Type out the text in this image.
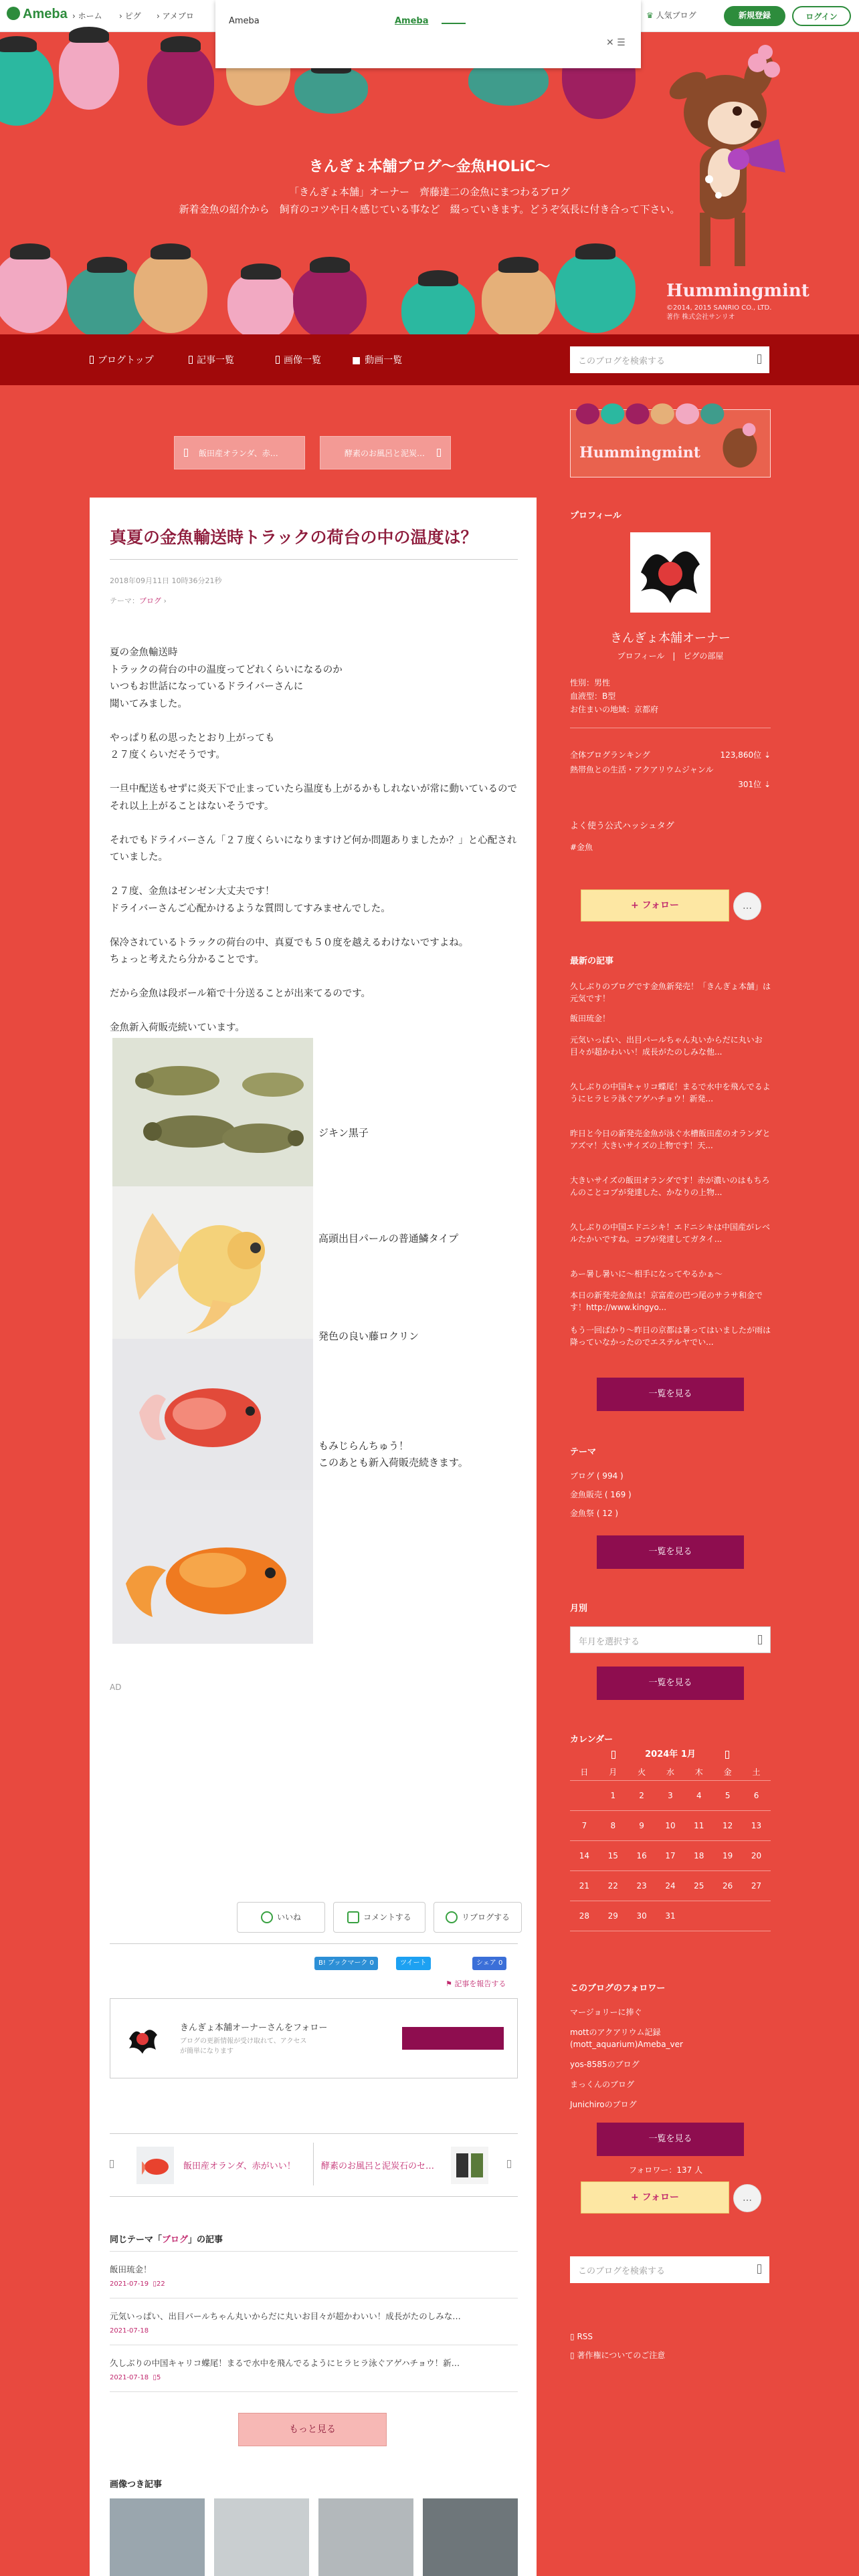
Ameba › ホーム › ピグ › アメブロ	♛ 人気ブログ	新規登録	ログイン
きんぎょ本舗ブログ〜金魚HOLiC〜
「きんぎょ本舗」オーナー　齊藤達二の金魚にまつわるブログ
新着金魚の紹介から　飼育のコツや日々感じている事など　綴っていきます。どうぞ気長に付き合って下さい。
Hummingmint
©2014, 2015 SANRIO CO., LTD.
著作 株式会社サンリオ
Ameba	Ameba
✕ ☰
ブログトップ	記事一覧	画像一覧	■ 動画一覧	このブログを検索する
飯田産オランダ、赤…	酵素のお風呂と泥炭…
真夏の金魚輸送時トラックの荷台の中の温度は？
2018年09月11日 10時36分21秒
テーマ：ブログ ›

夏の金魚輸送時
トラックの荷台の中の温度ってどれくらいになるのか
いつもお世話になっているドライバーさんに
聞いてみました。

やっぱり私の思ったとおり上がっても
２７度くらいだそうです。

一旦中配送もせずに炎天下で止まっていたら温度も上がるかもしれないが常に動いているのでそれ以上上がることはないそうです。

それでもドライバーさん「２７度くらいになりますけど何か問題ありましたか？」と心配されていました。

２７度、金魚はゼンゼン大丈夫です！
ドライバーさんご心配かけるような質問してすみませんでした。

保冷されているトラックの荷台の中、真夏でも５０度を越えるわけないですよね。
ちょっと考えたら分かることです。

だから金魚は段ボール箱で十分送ることが出来てるのです。

金魚新入荷販売続いています。

ジキン黒子
高頭出目パールの普通鱗タイプ
発色の良い藤ロクリン
もみじらんちゅう！
このあとも新入荷販売続きます。
AD
いいね	コメントする	リブログする
B! ブックマーク 0	ツイート	シェア 0
⚑ 記事を報告する
きんぎょ本舗オーナーさんをフォロー
ブログの更新情報が受け取れて、アクセスが簡単になります
飯田産オランダ、赤がいい！	酵素のお風呂と泥炭石のセ…
同じテーマ「ブログ」の記事
飯田琉金！
2021-07-19 ▯22
元気いっぱい、出目パールちゃん丸いからだに丸いお目々が超かわいい！成長がたのしみな…
2021-07-18
久しぶりの中国キャリコ蝶尾！まるで水中を飛んでるようにヒラヒラ泳ぐアゲハチョウ！新…
2021-07-18 ▯5
もっと見る
画像つき記事
Hummingmint
プロフィール
きんぎょ本舗オーナー
プロフィール　|　ピグの部屋
性別：男性
血液型：B型
お住まいの地域：京都府
全体ブログランキング	123,860位 ⇣
熱帯魚との生活・アクアリウムジャンル
301位 ⇣
よく使う公式ハッシュタグ
#金魚
+ フォロー	…
最新の記事
久しぶりのブログです金魚新発売！「きんぎょ本舗」は元気です！
飯田琉金！
元気いっぱい、出目パールちゃん丸いからだに丸いお目々が超かわいい！成長がたのしみな他...
久しぶりの中国キャリコ蝶尾！まるで水中を飛んでるようにヒラヒラ泳ぐアゲハチョウ！新発...
昨日と今日の新発売金魚が泳ぐ水槽飯田産のオランダとアズマ！大きいサイズの上物です！天...
大きいサイズの飯田オランダです！赤が濃いのはもちろんのことコブが発達した、かなりの上物...
久しぶりの中国エドニシキ！エドニシキは中国産がレベルたかいですね。コブが発達してガタイ...
あー暑し暑いに〜相手になってやるかぁ〜
本日の新発売金魚は！京富産の巴つ尾のサラサ和金です！http://www.kingyo...
もう一回ばかり〜昨日の京都は暑ってはいましたが雨は降っていなかったのでエステルヤでい...
一覧を見る
テーマ
ブログ ( 994 )
金魚販売 ( 169 )
金魚祭 ( 12 )
一覧を見る
月別
年月を選択する
一覧を見る
カレンダー
2024年 1月
日	月	火	水	木	金	土
	1	2	3	4	5	6
7	8	9	10	11	12	13
14	15	16	17	18	19	20
21	22	23	24	25	26	27
28	29	30	31			
このブログのフォロワー
マージョリーに捧ぐ
mottのアクアリウム記録(mott_aquarium)Ameba_ver
yos-8585のブログ
まっくんのブログ
Junichiroのブログ
一覧を見る
フォロワー：137 人
+ フォロー	…
このブログを検索する
▯ RSS
▯ 著作権についてのご注意
